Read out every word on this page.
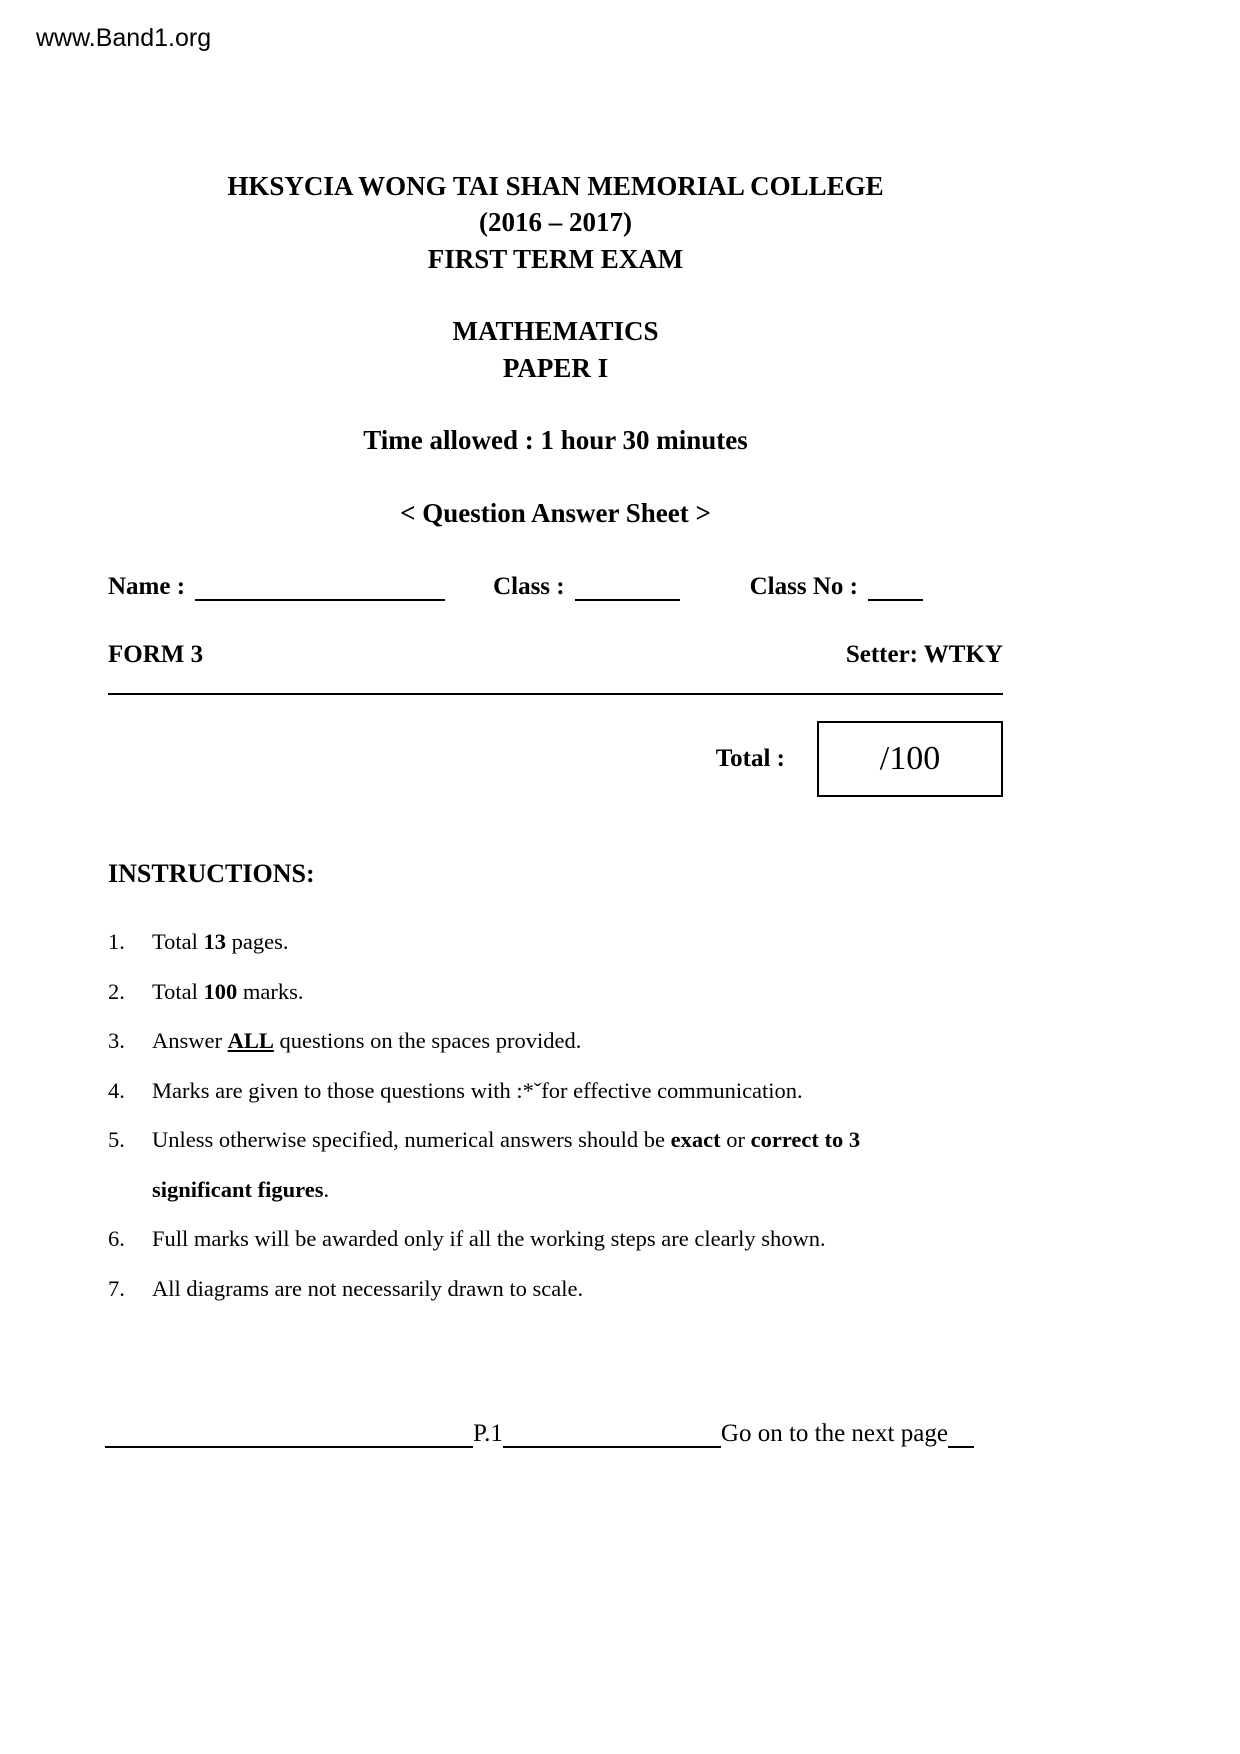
www.Band1.org
HKSYCIA WONG TAI SHAN MEMORIAL COLLEGE
(2016 – 2017)
FIRST TERM EXAM
MATHEMATICS
PAPER I
Time allowed : 1 hour 30 minutes
< Question Answer Sheet >
Name :	Class :	Class No :
FORM 3	Setter: WTKY
Total :	/100
INSTRUCTIONS:
1.	Total 13 pages.
2.	Total 100 marks.
3.	Answer ALL questions on the spaces provided.
4.	Marks are given to those questions with :*ˇfor effective communication.
5.	Unless otherwise specified, numerical answers should be exact or correct to 3 significant figures.
6.	Full marks will be awarded only if all the working steps are clearly shown.
7.	All diagrams are not necessarily drawn to scale.
P.1	Go on to the next page
